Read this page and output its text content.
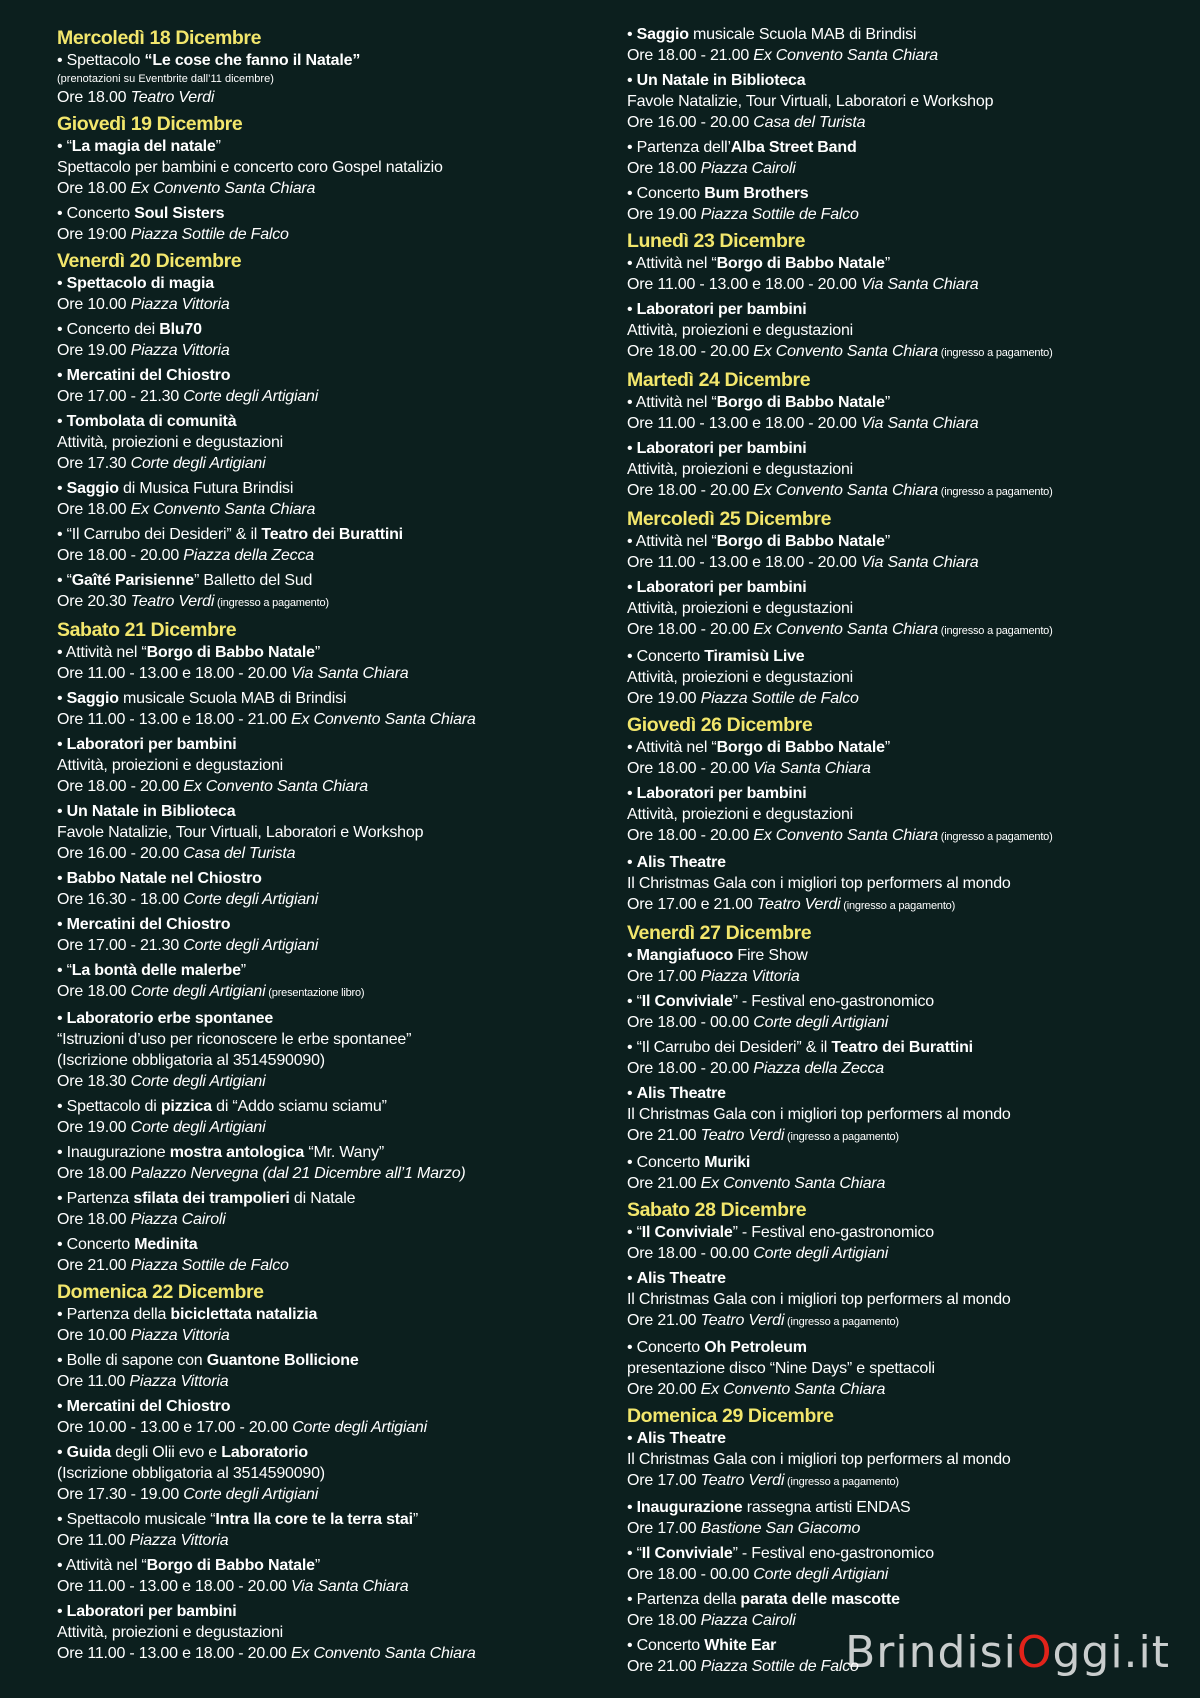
Mercoledì 18 Dicembre
• Spettacolo “Le cose che fanno il Natale”
(prenotazioni su Eventbrite dall’11 dicembre)
Ore 18.00 Teatro Verdi
Giovedì 19 Dicembre
• “La magia del natale”
Spettacolo per bambini e concerto coro Gospel natalizio
Ore 18.00 Ex Convento Santa Chiara
• Concerto Soul Sisters
Ore 19:00 Piazza Sottile de Falco
Venerdì 20 Dicembre
• Spettacolo di magia
Ore 10.00 Piazza Vittoria
• Concerto dei Blu70
Ore 19.00 Piazza Vittoria
• Mercatini del Chiostro
Ore 17.00 - 21.30 Corte degli Artigiani
• Tombolata di comunità
Attività, proiezioni e degustazioni
Ore 17.30 Corte degli Artigiani
• Saggio di Musica Futura Brindisi
Ore 18.00 Ex Convento Santa Chiara
• “Il Carrubo dei Desideri” & il Teatro dei Burattini
Ore 18.00 - 20.00 Piazza della Zecca
• “Gaîté Parisienne” Balletto del Sud
Ore 20.30 Teatro Verdi (ingresso a pagamento)
Sabato 21 Dicembre
• Attività nel “Borgo di Babbo Natale”
Ore 11.00 - 13.00 e 18.00 - 20.00 Via Santa Chiara
• Saggio musicale Scuola MAB di Brindisi
Ore 11.00 - 13.00 e 18.00 - 21.00 Ex Convento Santa Chiara
• Laboratori per bambini
Attività, proiezioni e degustazioni
Ore 18.00 - 20.00 Ex Convento Santa Chiara
• Un Natale in Biblioteca
Favole Natalizie, Tour Virtuali, Laboratori e Workshop
Ore 16.00 - 20.00 Casa del Turista
• Babbo Natale nel Chiostro
Ore 16.30 - 18.00 Corte degli Artigiani
• Mercatini del Chiostro
Ore 17.00 - 21.30 Corte degli Artigiani
• “La bontà delle malerbe”
Ore 18.00 Corte degli Artigiani (presentazione libro)
• Laboratorio erbe spontanee
“Istruzioni d’uso per riconoscere le erbe spontanee”
(Iscrizione obbligatoria al 3514590090)
Ore 18.30 Corte degli Artigiani
• Spettacolo di pizzica di “Addo sciamu sciamu”
Ore 19.00 Corte degli Artigiani
• Inaugurazione mostra antologica “Mr. Wany”
Ore 18.00 Palazzo Nervegna (dal 21 Dicembre all’1 Marzo)
• Partenza sfilata dei trampolieri di Natale
Ore 18.00 Piazza Cairoli
• Concerto Medinita
Ore 21.00 Piazza Sottile de Falco
Domenica 22 Dicembre
• Partenza della biciclettata natalizia
Ore 10.00 Piazza Vittoria
• Bolle di sapone con Guantone Bollicione
Ore 11.00 Piazza Vittoria
• Mercatini del Chiostro
Ore 10.00 - 13.00 e 17.00 - 20.00 Corte degli Artigiani
• Guida degli Olii evo e Laboratorio
(Iscrizione obbligatoria al 3514590090)
Ore 17.30 - 19.00 Corte degli Artigiani
• Spettacolo musicale “Intra lla core te la terra stai”
Ore 11.00 Piazza Vittoria
• Attività nel “Borgo di Babbo Natale”
Ore 11.00 - 13.00 e 18.00 - 20.00 Via Santa Chiara
• Laboratori per bambini
Attività, proiezioni e degustazioni
Ore 11.00 - 13.00 e 18.00 - 20.00 Ex Convento Santa Chiara
• Saggio musicale Scuola MAB di Brindisi
Ore 18.00 - 21.00 Ex Convento Santa Chiara
• Un Natale in Biblioteca
Favole Natalizie, Tour Virtuali, Laboratori e Workshop
Ore 16.00 - 20.00 Casa del Turista
• Partenza dell’Alba Street Band
Ore 18.00 Piazza Cairoli
• Concerto Bum Brothers
Ore 19.00 Piazza Sottile de Falco
Lunedì 23 Dicembre
• Attività nel “Borgo di Babbo Natale”
Ore 11.00 - 13.00 e 18.00 - 20.00 Via Santa Chiara
• Laboratori per bambini
Attività, proiezioni e degustazioni
Ore 18.00 - 20.00 Ex Convento Santa Chiara (ingresso a pagamento)
Martedì 24 Dicembre
• Attività nel “Borgo di Babbo Natale”
Ore 11.00 - 13.00 e 18.00 - 20.00 Via Santa Chiara
• Laboratori per bambini
Attività, proiezioni e degustazioni
Ore 18.00 - 20.00 Ex Convento Santa Chiara (ingresso a pagamento)
Mercoledì 25 Dicembre
• Attività nel “Borgo di Babbo Natale”
Ore 11.00 - 13.00 e 18.00 - 20.00 Via Santa Chiara
• Laboratori per bambini
Attività, proiezioni e degustazioni
Ore 18.00 - 20.00 Ex Convento Santa Chiara (ingresso a pagamento)
• Concerto Tiramisù Live
Attività, proiezioni e degustazioni
Ore 19.00 Piazza Sottile de Falco
Giovedì 26 Dicembre
• Attività nel “Borgo di Babbo Natale”
Ore 18.00 - 20.00 Via Santa Chiara
• Laboratori per bambini
Attività, proiezioni e degustazioni
Ore 18.00 - 20.00 Ex Convento Santa Chiara (ingresso a pagamento)
• Alis Theatre
Il Christmas Gala con i migliori top performers al mondo
Ore 17.00 e 21.00 Teatro Verdi (ingresso a pagamento)
Venerdì 27 Dicembre
• Mangiafuoco Fire Show
Ore 17.00 Piazza Vittoria
• “Il Conviviale” - Festival eno-gastronomico
Ore 18.00 - 00.00 Corte degli Artigiani
• “Il Carrubo dei Desideri” & il Teatro dei Burattini
Ore 18.00 - 20.00 Piazza della Zecca
• Alis Theatre
Il Christmas Gala con i migliori top performers al mondo
Ore 21.00 Teatro Verdi (ingresso a pagamento)
• Concerto Muriki
Ore 21.00 Ex Convento Santa Chiara
Sabato 28 Dicembre
• “Il Conviviale” - Festival eno-gastronomico
Ore 18.00 - 00.00 Corte degli Artigiani
• Alis Theatre
Il Christmas Gala con i migliori top performers al mondo
Ore 21.00 Teatro Verdi (ingresso a pagamento)
• Concerto Oh Petroleum
presentazione disco “Nine Days” e spettacoli
Ore 20.00 Ex Convento Santa Chiara
Domenica 29 Dicembre
• Alis Theatre
Il Christmas Gala con i migliori top performers al mondo
Ore 17.00 Teatro Verdi (ingresso a pagamento)
• Inaugurazione rassegna artisti ENDAS
Ore 17.00 Bastione San Giacomo
• “Il Conviviale” - Festival eno-gastronomico
Ore 18.00 - 00.00 Corte degli Artigiani
• Partenza della parata delle mascotte
Ore 18.00 Piazza Cairoli
• Concerto White Ear
Ore 21.00 Piazza Sottile de Falco
BrindisiOggi.it
